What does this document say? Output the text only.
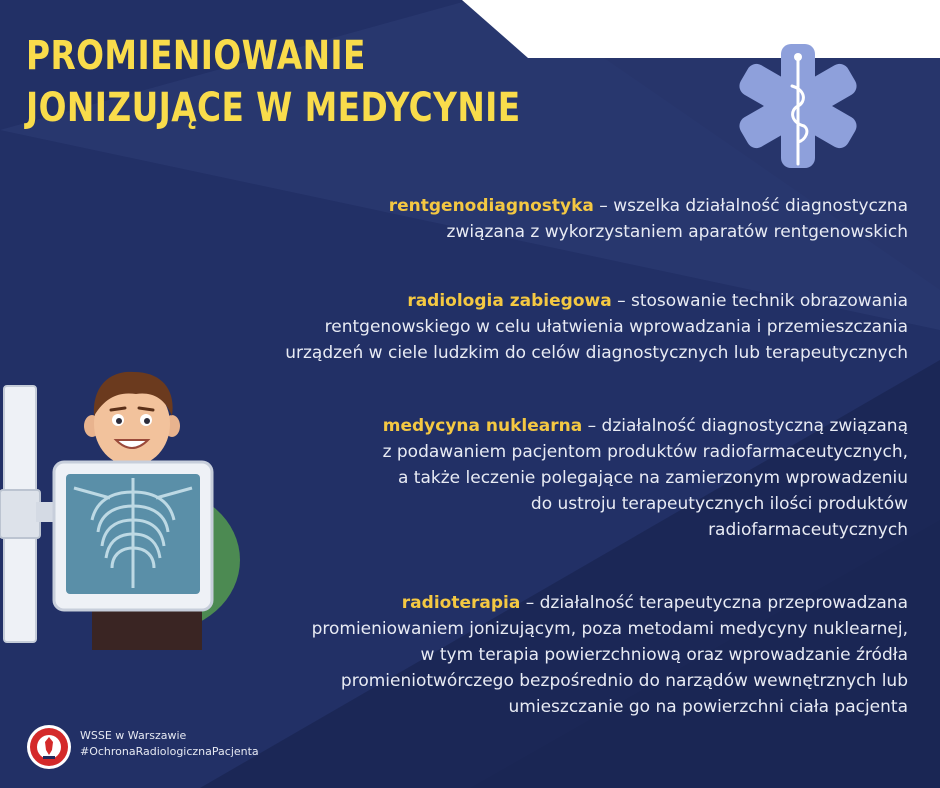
PROMIENIOWANIE
JONIZUJĄCE W MEDYCYNIE
rentgenodiagnostyka – wszelka działalność diagnostyczna
związana z wykorzystaniem aparatów rentgenowskich
radiologia zabiegowa – stosowanie technik obrazowania
rentgenowskiego w celu ułatwienia wprowadzania i przemieszczania
urządzeń w ciele ludzkim do celów diagnostycznych lub terapeutycznych
medycyna nuklearna – działalność diagnostyczną związaną
z podawaniem pacjentom produktów radiofarmaceutycznych,
a także leczenie polegające na zamierzonym wprowadzeniu
do ustroju terapeutycznych ilości produktów
radiofarmaceutycznych
radioterapia – działalność terapeutyczna przeprowadzana
promieniowaniem jonizującym, poza metodami medycyny nuklearnej,
w tym terapia powierzchniową oraz wprowadzanie źródła
promieniotwórczego bezpośrednio do narządów wewnętrznych lub
umieszczanie go na powierzchni ciała pacjenta
WSSE w Warszawie
#OchronaRadiologicznaPacjenta
